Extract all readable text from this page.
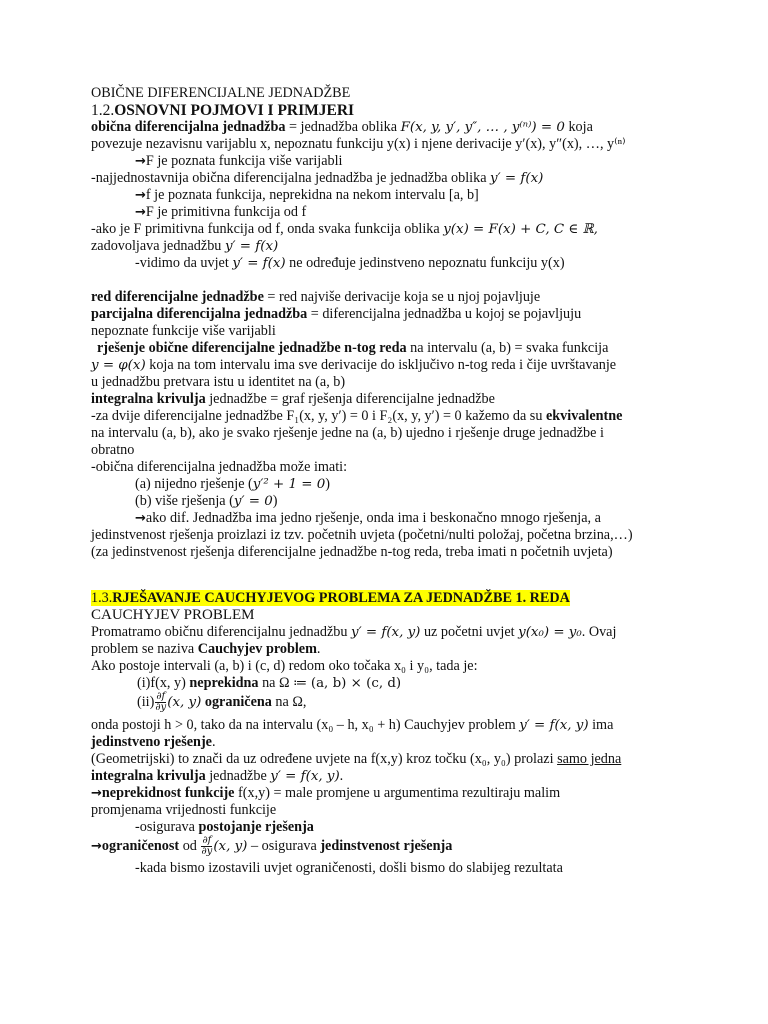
OBIČNE DIFERENCIJALNE JEDNADŽBE
1.2.OSNOVNI POJMOVI I PRIMJERI
obična diferencijalna jednadžba = jednadžba oblika F(x, y, y′, y″, … , y⁽ⁿ⁾) = 0 koja
povezuje nezavisnu varijablu x, nepoznatu funkciju y(x) i njene derivacije y′(x), y″(x), …, y⁽ⁿ⁾
→F je poznata funkcija više varijabli
-najjednostavnija obična diferencijalna jednadžba je jednadžba oblika y′ = f(x)
→f je poznata funkcija, neprekidna na nekom intervalu [a, b]
→F je primitivna funkcija od f
-ako je F primitivna funkcija od f, onda svaka funkcija oblika y(x) = F(x) + C, C ∈ ℝ,
zadovoljava jednadžbu y′ = f(x)
-vidimo da uvjet y′ = f(x) ne određuje jedinstveno nepoznatu funkciju y(x)
red diferencijalne jednadžbe = red najviše derivacije koja se u njoj pojavljuje
parcijalna diferencijalna jednadžba = diferencijalna jednadžba u kojoj se pojavljuju
nepoznate funkcije više varijabli
rješenje obične diferencijalne jednadžbe n-tog reda na intervalu (a, b) = svaka funkcija
y = φ(x) koja na tom intervalu ima sve derivacije do isključivo n-tog reda i čije uvrštavanje
u jednadžbu pretvara istu u identitet na (a, b)
integralna krivulja jednadžbe = graf rješenja diferencijalne jednadžbe
-za dvije diferencijalne jednadžbe F₁(x, y, y′) = 0 i F₂(x, y, y′) = 0 kažemo da su ekvivalentne
na intervalu (a, b), ako je svako rješenje jedne na (a, b) ujedno i rješenje druge jednadžbe i
obratno
-obična diferencijalna jednadžba može imati:
(a) nijedno rješenje (y′² + 1 = 0)
(b) više rješenja (y′ = 0)
→ako dif. Jednadžba ima jedno rješenje, onda ima i beskonačno mnogo rješenja, a jedinstvenost rješenja proizlazi iz tzv. početnih uvjeta (početni/nulti položaj, početna brzina,…) (za jedinstvenost rješenja diferencijalne jednadžbe n-tog reda, treba imati n početnih uvjeta)
1.3.RJEŠAVANJE CAUCHYJEVOG PROBLEMA ZA JEDNADŽBE 1. REDA
CAUCHYJEV PROBLEM
Promatramo običnu diferencijalnu jednadžbu y′ = f(x, y) uz početni uvjet y(x₀) = y₀. Ovaj
problem se naziva Cauchyjev problem.
Ako postoje intervali (a, b) i (c, d) redom oko točaka x₀ i y₀, tada je:
(i)f(x, y) neprekidna na Ω ≔ (a, b) × (c, d)
$(ii) \frac{\partial f}{\partial y} (x$, y) ograničena na Ω,
onda postoji h > 0, tako da na intervalu (x₀ – h, x₀ + h) Cauchyjev problem y′ = f(x, y) ima
jedinstveno rješenje.
(Geometrijski) to znači da uz određene uvjete na f(x,y) kroz točku (x₀, y₀) prolazi samo jedna
integralna krivulja jednadžbe y′ = f(x, y).
→neprekidnost funkcije f(x,y) = male promjene u argumentima rezultiraju malim
promjenama vrijednosti funkcije
-osigurava postojanje rješenja
→ograničenost od $\frac{\partial f}{\partial y} (x$, y) – osigurava jedinstvenost rješenja
-kada bismo izostavili uvjet ograničenosti, došli bismo do slabijeg rezultata
